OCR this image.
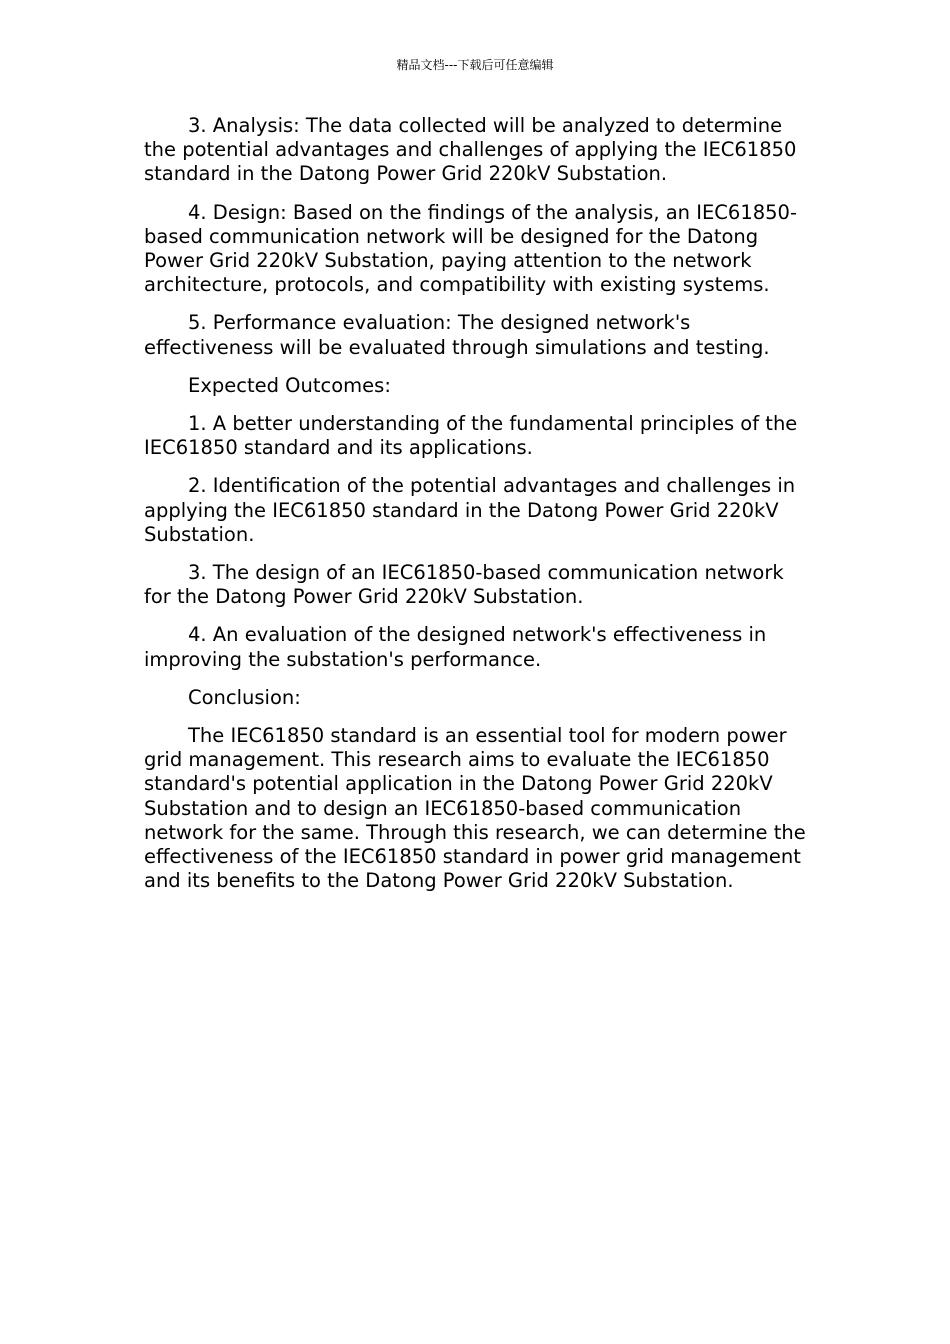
精品文档---下载后可任意编辑

3. Analysis: The data collected will be analyzed to determine the potential advantages and challenges of applying the IEC61850 standard in the Datong Power Grid 220kV Substation.

4. Design: Based on the findings of the analysis, an IEC61850-based communication network will be designed for the Datong Power Grid 220kV Substation, paying attention to the network architecture, protocols, and compatibility with existing systems.

5. Performance evaluation: The designed network's effectiveness will be evaluated through simulations and testing.

Expected Outcomes:

1. A better understanding of the fundamental principles of the IEC61850 standard and its applications.

2. Identification of the potential advantages and challenges in applying the IEC61850 standard in the Datong Power Grid 220kV Substation.

3. The design of an IEC61850-based communication network for the Datong Power Grid 220kV Substation.

4. An evaluation of the designed network's effectiveness in improving the substation's performance.

Conclusion:

The IEC61850 standard is an essential tool for modern power grid management. This research aims to evaluate the IEC61850 standard's potential application in the Datong Power Grid 220kV Substation and to design an IEC61850-based communication network for the same. Through this research, we can determine the effectiveness of the IEC61850 standard in power grid management and its benefits to the Datong Power Grid 220kV Substation.
